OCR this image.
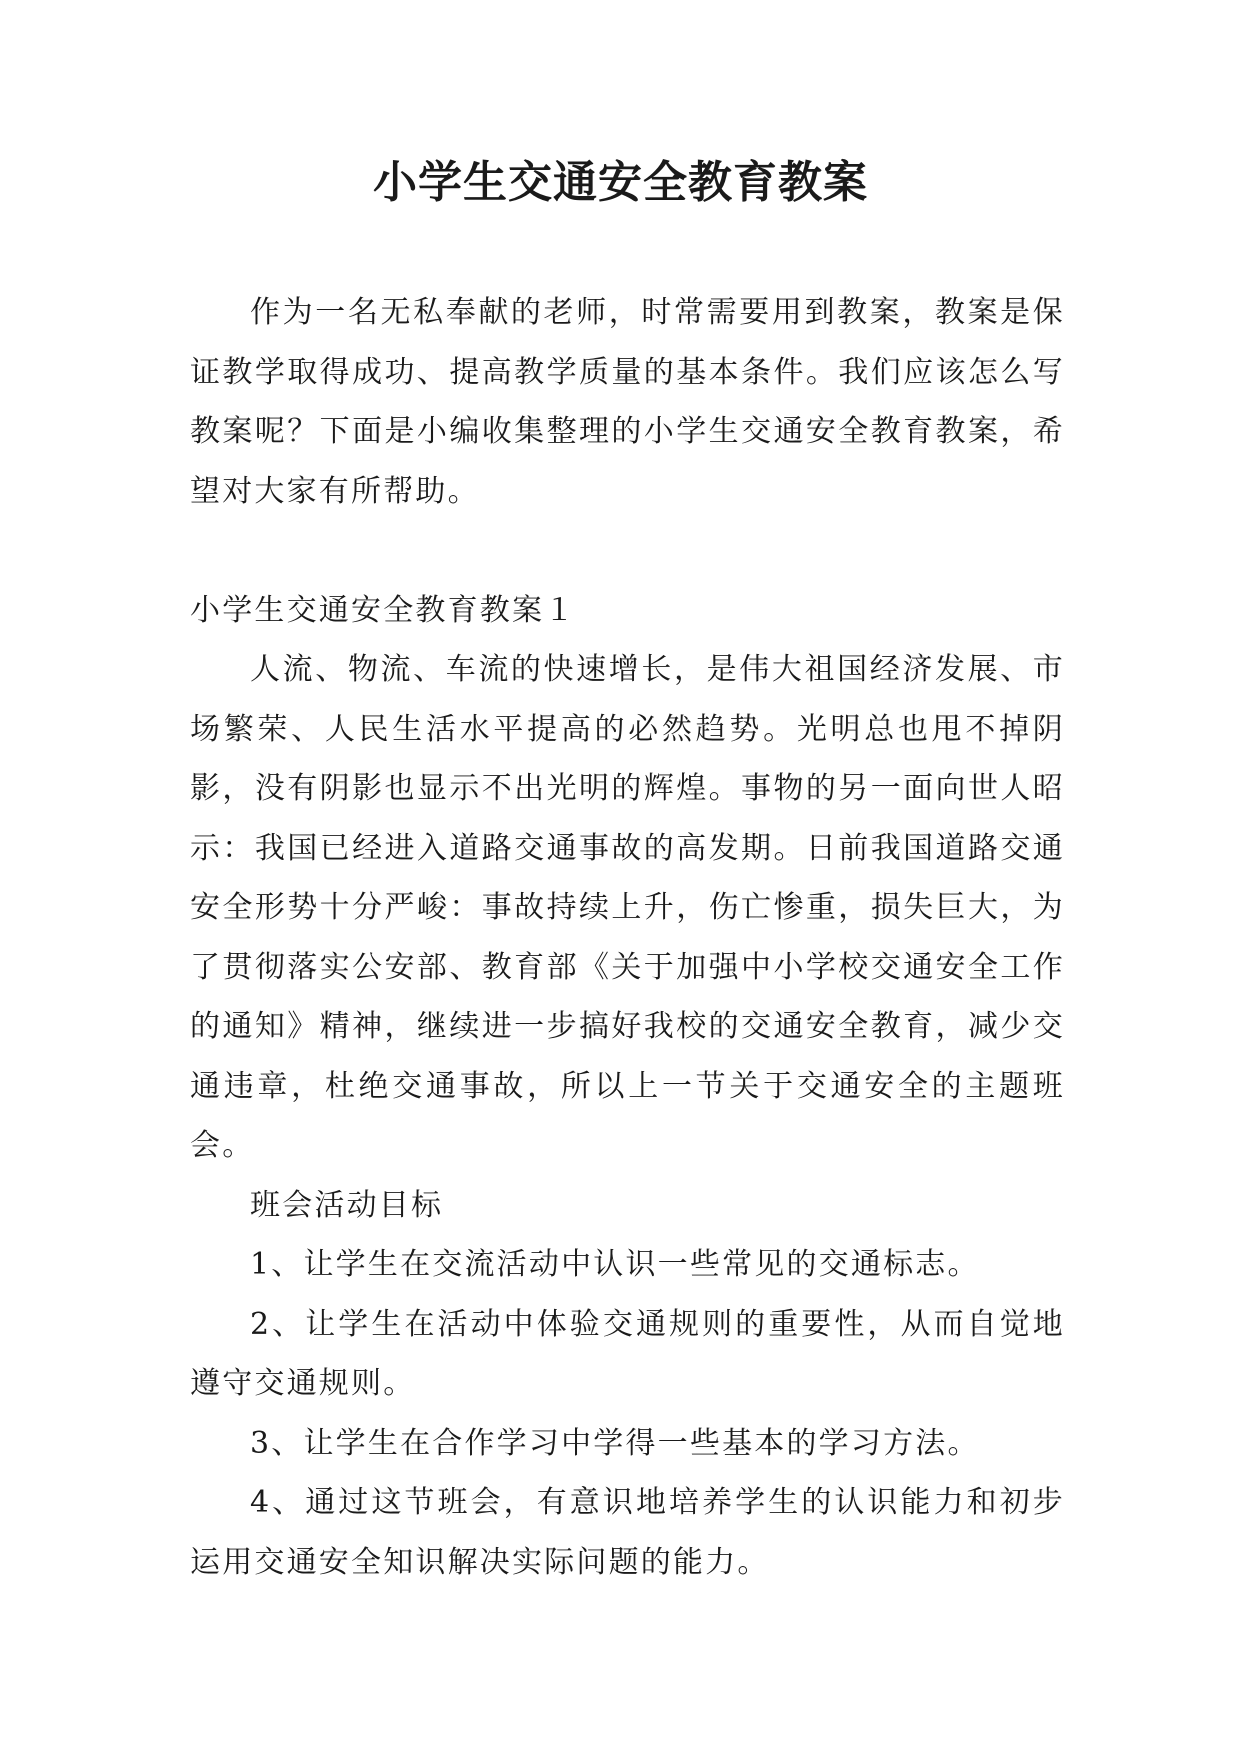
小学生交通安全教育教案

作为一名无私奉献的老师，时常需要用到教案，教案是保证教学取得成功、提高教学质量的基本条件。我们应该怎么写教案呢？下面是小编收集整理的小学生交通安全教育教案，希望对大家有所帮助。

小学生交通安全教育教案１

人流、物流、车流的快速增长，是伟大祖国经济发展、市场繁荣、人民生活水平提高的必然趋势。光明总也甩不掉阴影，没有阴影也显示不出光明的辉煌。事物的另一面向世人昭示：我国已经进入道路交通事故的高发期。日前我国道路交通安全形势十分严峻：事故持续上升，伤亡惨重，损失巨大，为了贯彻落实公安部、教育部《关于加强中小学校交通安全工作的通知》精神，继续进一步搞好我校的交通安全教育，减少交通违章，杜绝交通事故，所以上一节关于交通安全的主题班会。

班会活动目标

1、让学生在交流活动中认识一些常见的交通标志。

2、让学生在活动中体验交通规则的重要性，从而自觉地遵守交通规则。

3、让学生在合作学习中学得一些基本的学习方法。

4、通过这节班会，有意识地培养学生的认识能力和初步运用交通安全知识解决实际问题的能力。
